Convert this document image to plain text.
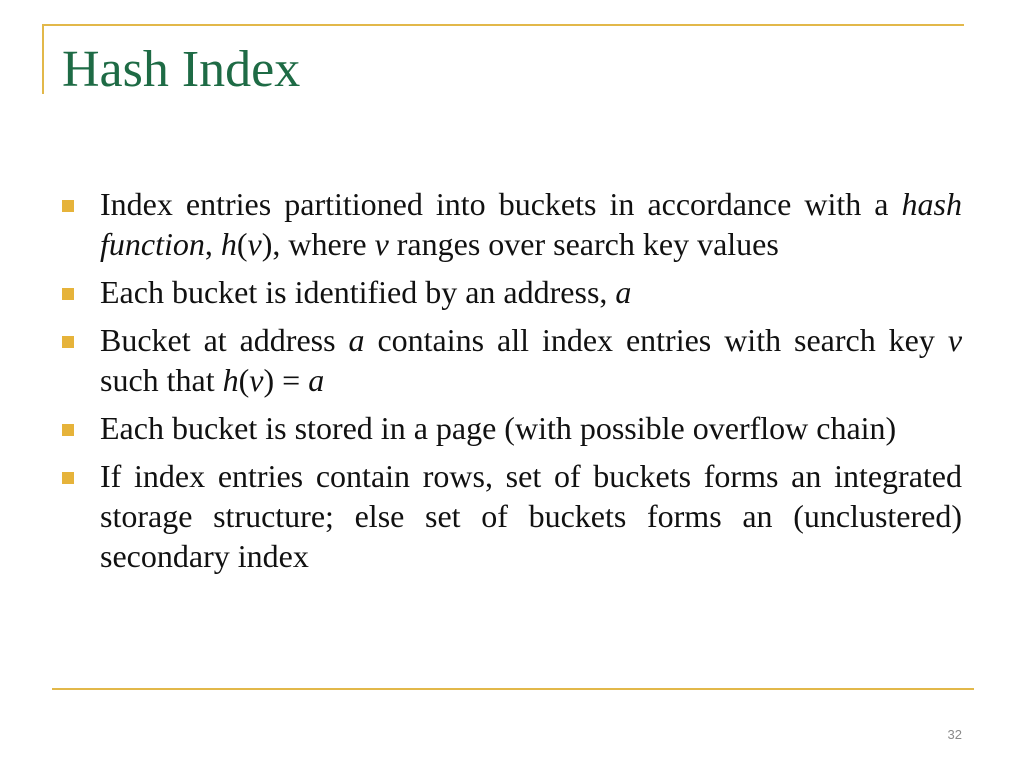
Hash Index
Index entries partitioned into buckets in accordance with a hash function, h(v), where v ranges over search key values
Each bucket is identified by an address, a
Bucket at address a contains all index entries with search key v such that h(v) = a
Each bucket is stored in a page (with possible overflow chain)
If index entries contain rows, set of buckets forms an integrated storage structure; else set of buckets forms an (unclustered) secondary index
32
